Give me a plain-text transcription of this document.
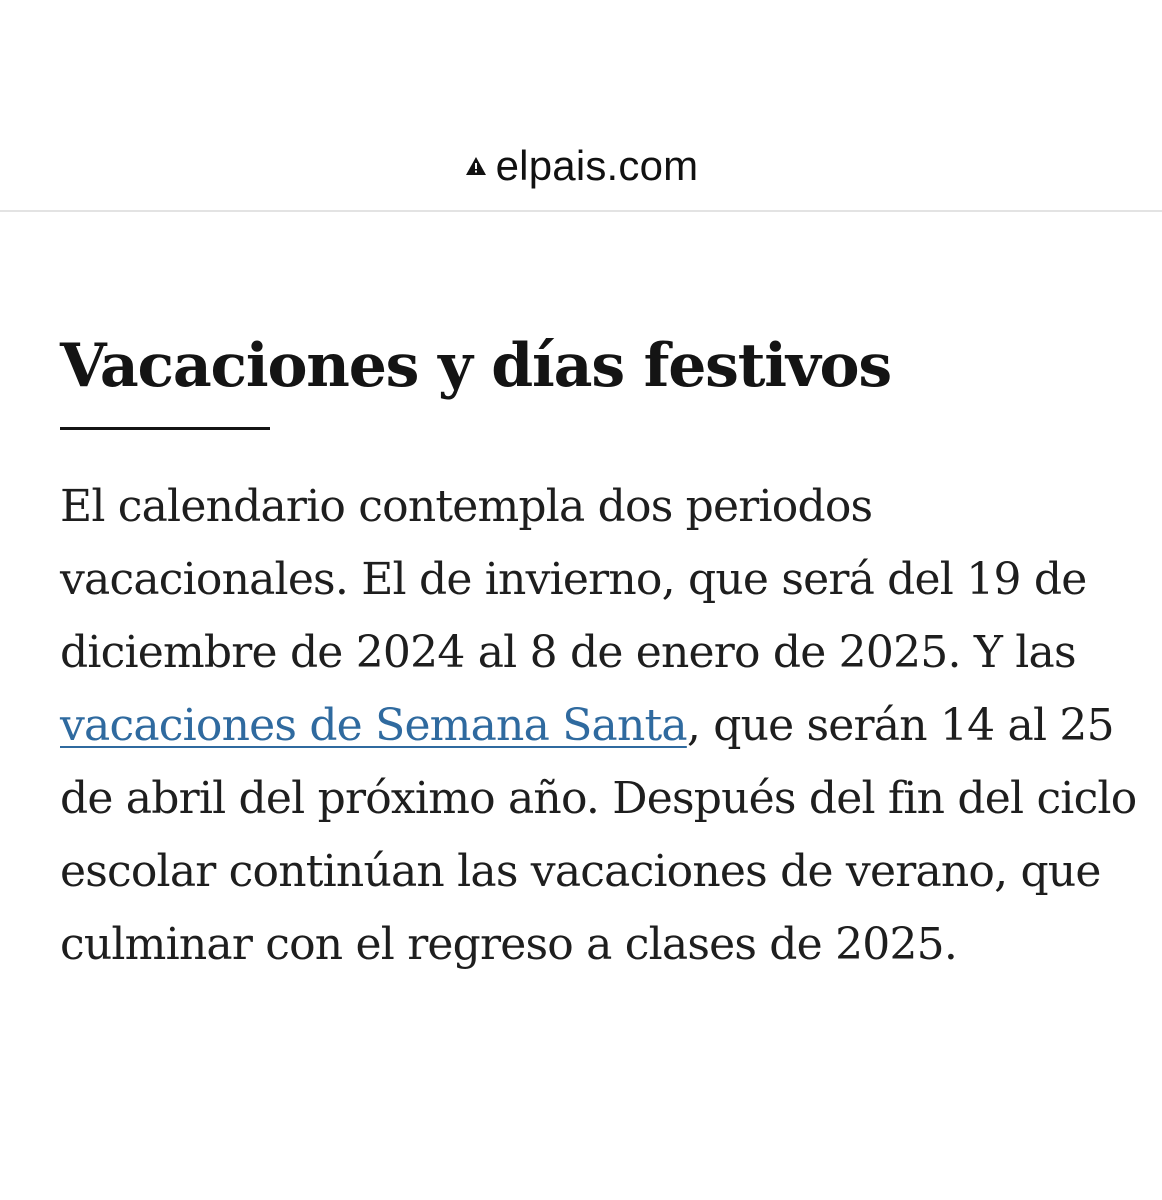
elpais.com
Vacaciones y días festivos

El calendario contempla dos periodos vacacionales. El de invierno, que será del 19 de diciembre de 2024 al 8 de enero de 2025. Y las vacaciones de Semana Santa, que serán 14 al 25 de abril del próximo año. Después del fin del ciclo escolar continúan las vacaciones de verano, que culminar con el regreso a clases de 2025.
